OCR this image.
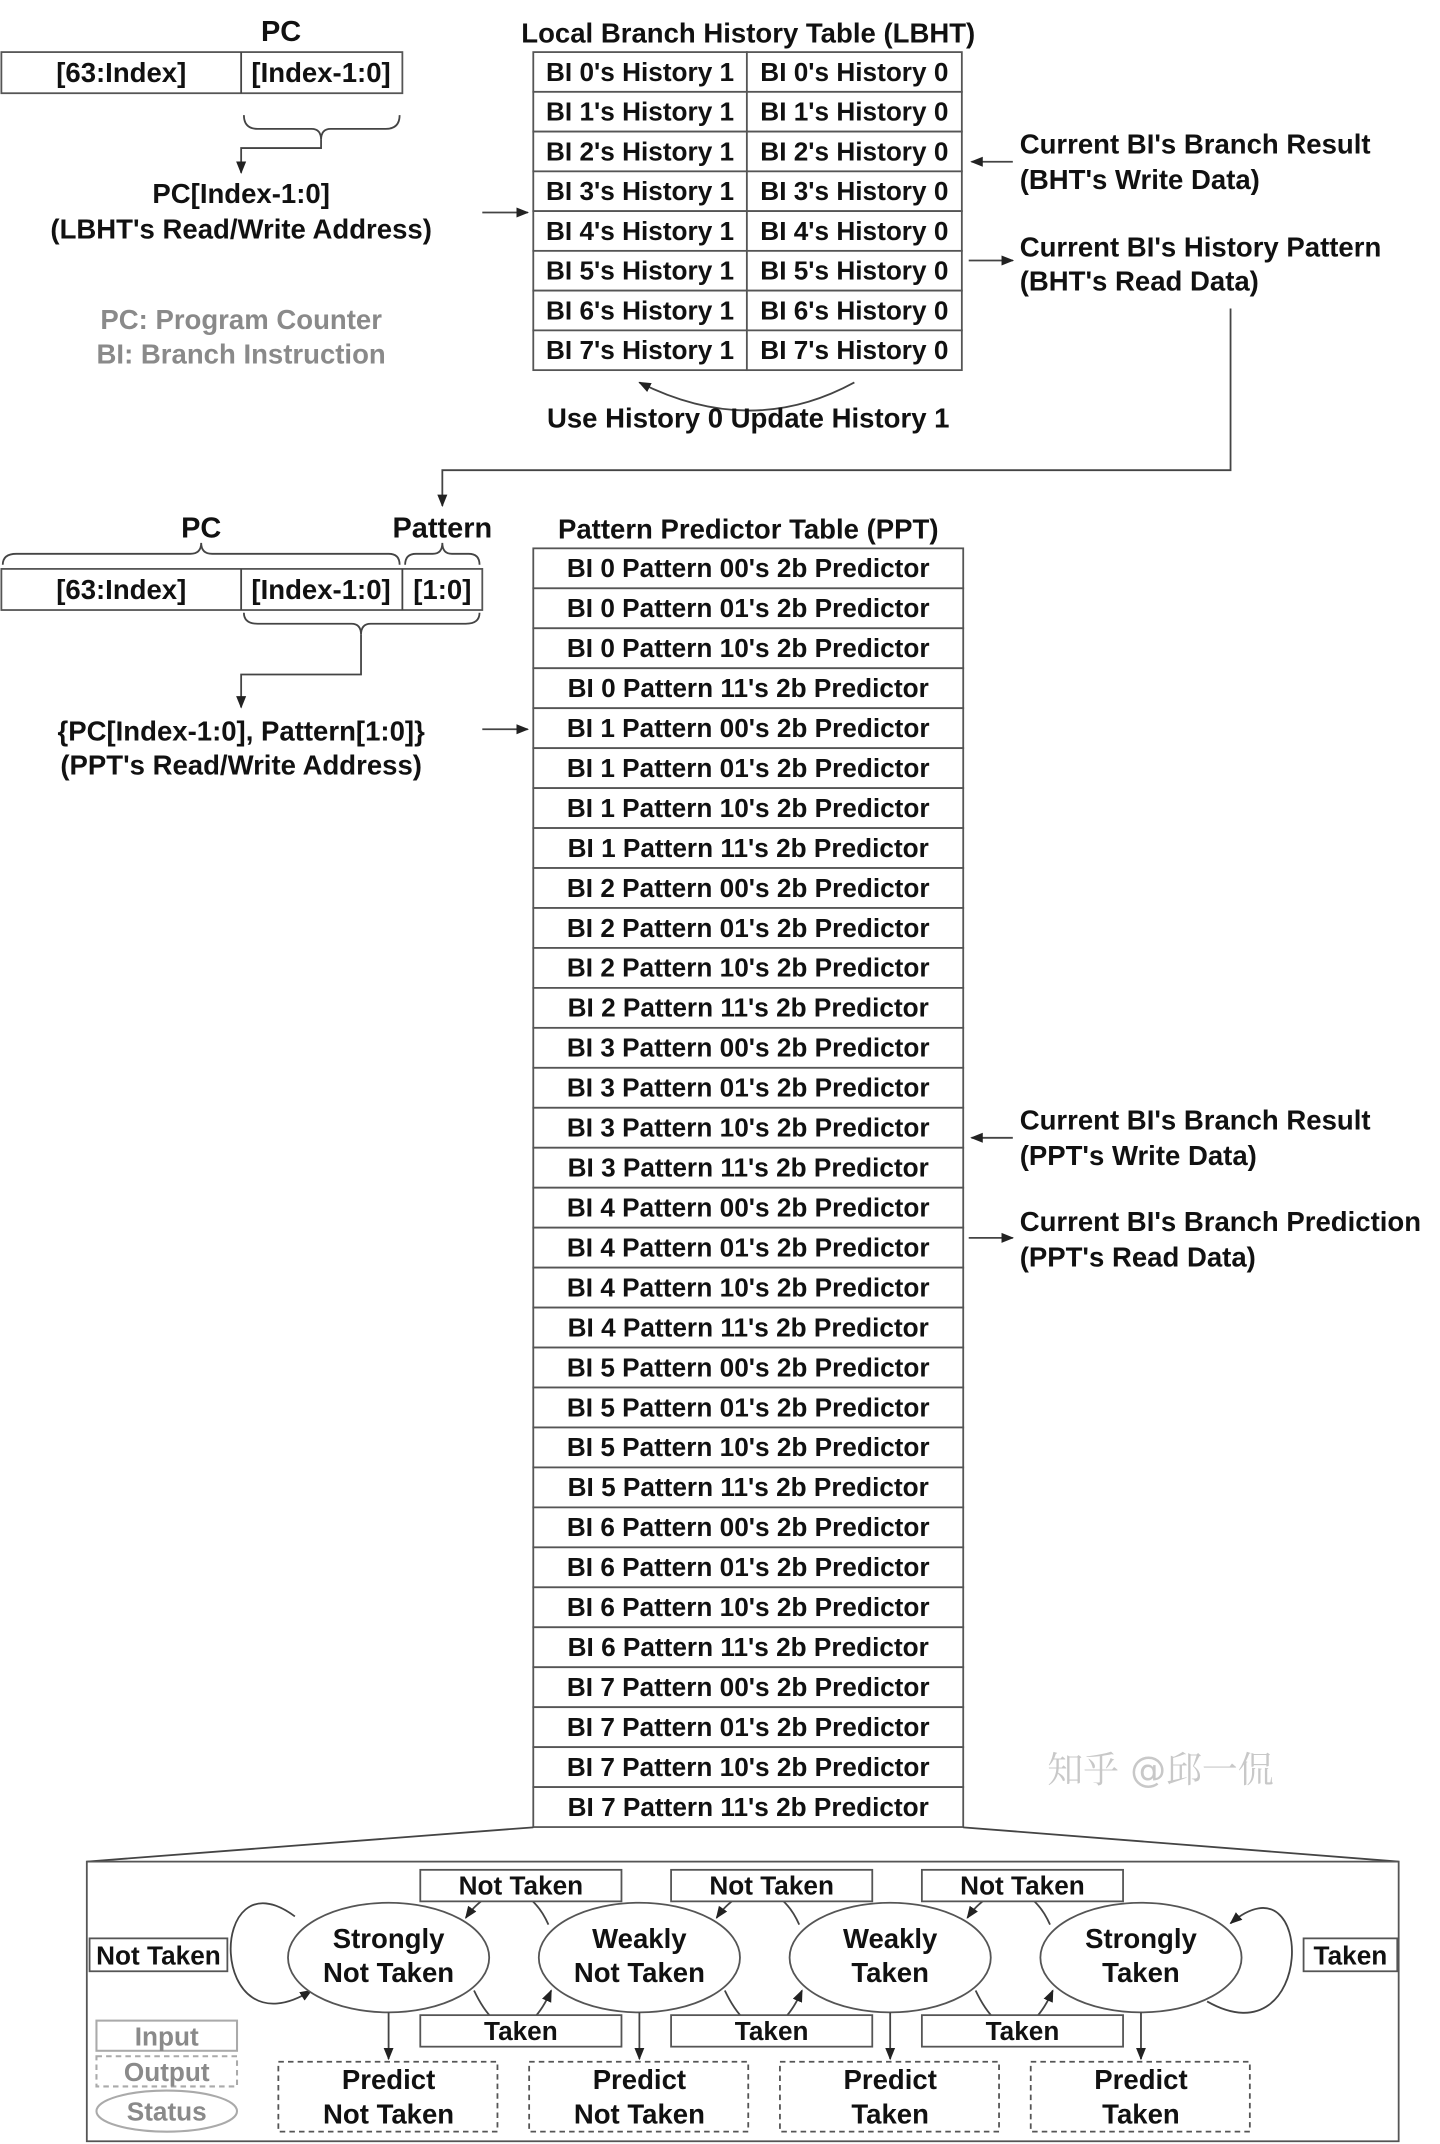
PC
[63:Index]	[Index-1:0]
PC[Index-1:0]
(LBHT's Read/Write Address)
PC: Program Counter
BI: Branch Instruction
Local Branch History Table (LBHT)
BI 0's History 1 BI 0's History 0
BI 1's History 1 BI 1's History 0
BI 2's History 1 BI 2's History 0
BI 3's History 1 BI 3's History 0
BI 4's History 1 BI 4's History 0
BI 5's History 1 BI 5's History 0
BI 6's History 1 BI 6's History 0
BI 7's History 1 BI 7's History 0
Current BI's Branch Result
(BHT's Write Data)
Current BI's History Pattern
(BHT's Read Data)
Use History 0 Update History 1
PC	Pattern
[63:Index]	[Index-1:0] [1:0]
{PC[Index-1:0], Pattern[1:0]}
(PPT's Read/Write Address)
Pattern Predictor Table (PPT)
BI 0 Pattern 00's 2b Predictor
BI 0 Pattern 01's 2b Predictor
BI 0 Pattern 10's 2b Predictor
BI 0 Pattern 11's 2b Predictor
BI 1 Pattern 00's 2b Predictor
BI 1 Pattern 01's 2b Predictor
BI 1 Pattern 10's 2b Predictor
BI 1 Pattern 11's 2b Predictor
BI 2 Pattern 00's 2b Predictor
BI 2 Pattern 01's 2b Predictor
BI 2 Pattern 10's 2b Predictor
BI 2 Pattern 11's 2b Predictor
BI 3 Pattern 00's 2b Predictor
BI 3 Pattern 01's 2b Predictor
BI 3 Pattern 10's 2b Predictor
BI 3 Pattern 11's 2b Predictor
BI 4 Pattern 00's 2b Predictor
BI 4 Pattern 01's 2b Predictor
BI 4 Pattern 10's 2b Predictor
BI 4 Pattern 11's 2b Predictor
BI 5 Pattern 00's 2b Predictor
BI 5 Pattern 01's 2b Predictor
BI 5 Pattern 10's 2b Predictor
BI 5 Pattern 11's 2b Predictor
BI 6 Pattern 00's 2b Predictor
BI 6 Pattern 01's 2b Predictor
BI 6 Pattern 10's 2b Predictor
BI 6 Pattern 11's 2b Predictor
BI 7 Pattern 00's 2b Predictor
BI 7 Pattern 01's 2b Predictor
BI 7 Pattern 10's 2b Predictor
BI 7 Pattern 11's 2b Predictor
Current BI's Branch Result
(PPT's Write Data)
Current BI's Branch Prediction
(PPT's Read Data)
Not Taken	Taken
Not Taken
Taken
Not Taken
Taken
Not Taken
Taken
Strongly
Not Taken
Predict
Not Taken
Weakly
Not Taken
Predict
Not Taken
Weakly
Taken
Predict
Taken
Strongly
Taken
Predict
Taken
Input
Output
Status
知乎 @邱一侃
